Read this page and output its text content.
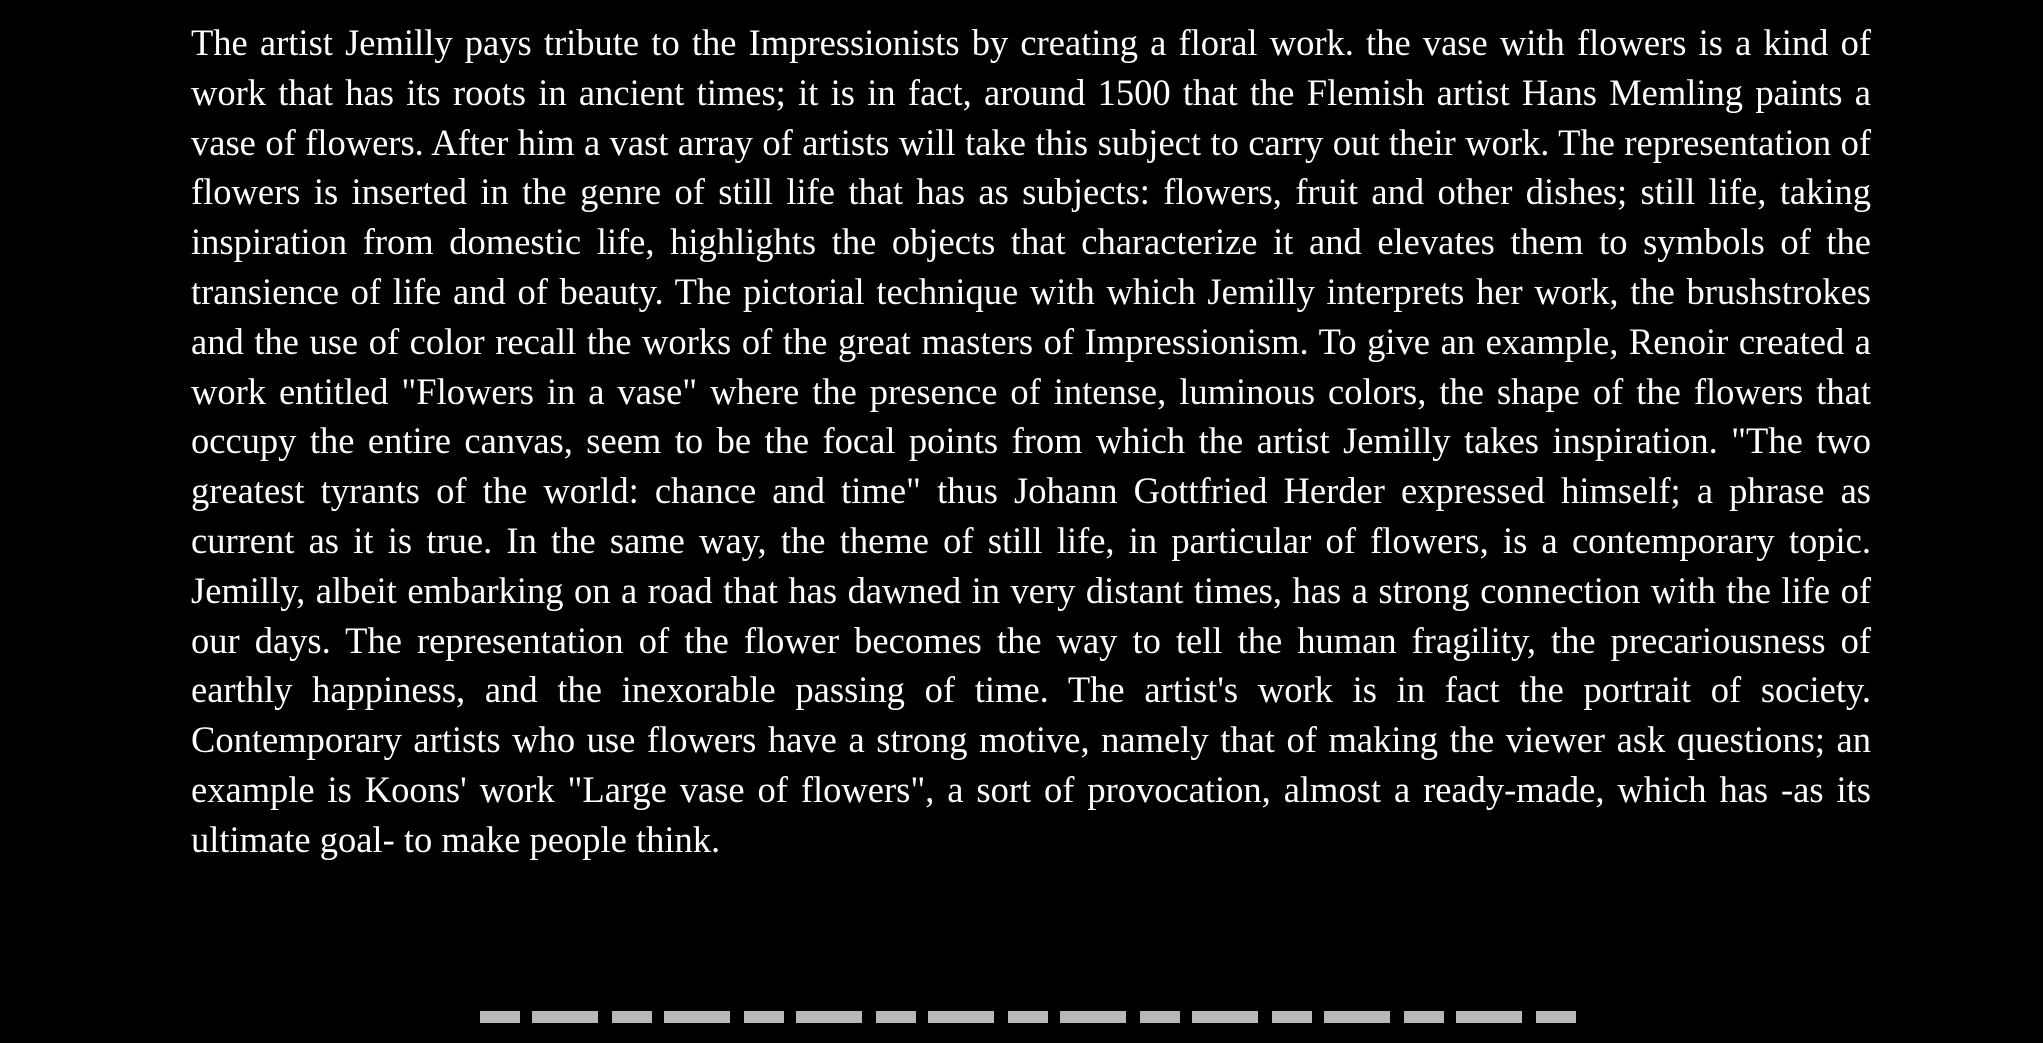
The artist Jemilly pays tribute to the Impressionists by creating a floral work. the vase with flowers is a kind of work that has its roots in ancient times; it is in fact, around 1500 that the Flemish artist Hans Memling paints a vase of flowers. After him a vast array of artists will take this subject to carry out their work. The representation of flowers is inserted in the genre of still life that has as subjects: flowers, fruit and other dishes; still life, taking inspiration from domestic life, highlights the objects that characterize it and elevates them to symbols of the transience of life and of beauty. The pictorial technique with which Jemilly interprets her work, the brushstrokes and the use of color recall the works of the great masters of Impressionism. To give an example, Renoir created a work entitled "Flowers in a vase" where the presence of intense, luminous colors, the shape of the flowers that occupy the entire canvas, seem to be the focal points from which the artist Jemilly takes inspiration. "The two greatest tyrants of the world: chance and time" thus Johann Gottfried Herder expressed himself; a phrase as current as it is true. In the same way, the theme of still life, in particular of flowers, is a contemporary topic. Jemilly, albeit embarking on a road that has dawned in very distant times, has a strong connection with the life of our days. The representation of the flower becomes the way to tell the human fragility, the precariousness of earthly happiness, and the inexorable passing of time. The artist's work is in fact the portrait of society. Contemporary artists who use flowers have a strong motive, namely that of making the viewer ask questions; an example is Koons' work "Large vase of flowers", a sort of provocation, almost a ready-made, which has -as its ultimate goal- to make people think.
